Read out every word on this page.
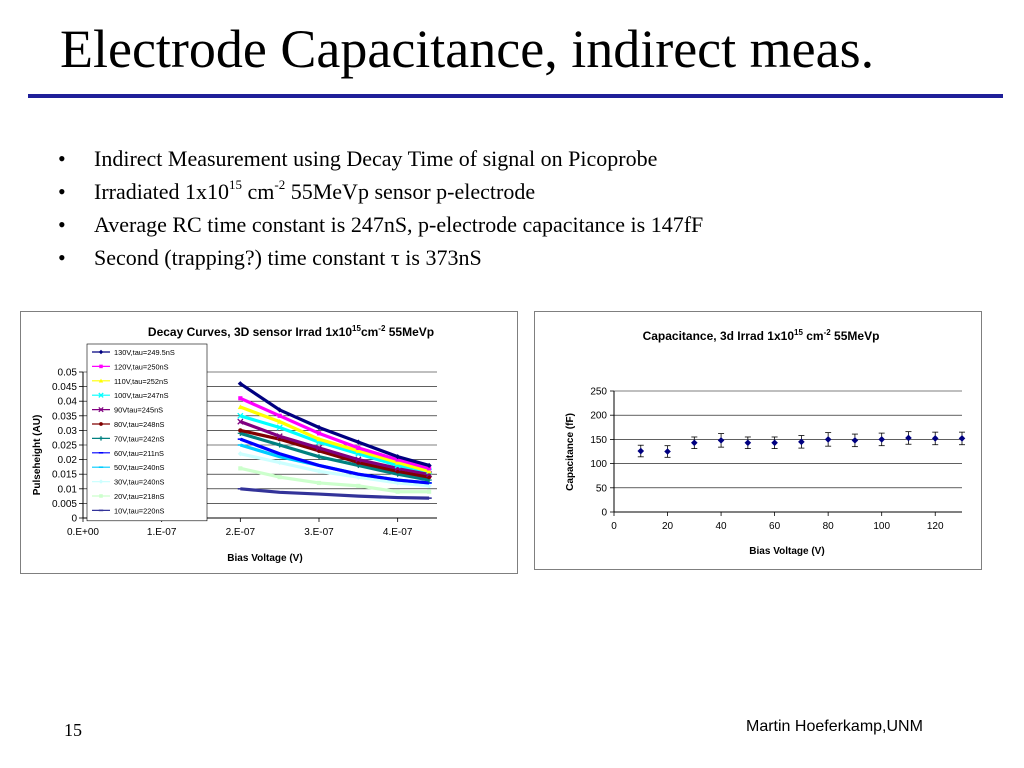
Electrode Capacitance, indirect meas.
• Indirect Measurement using Decay Time of signal on Picoprobe
• Irradiated $1x10^{15}$ $cm^{-2}$ 55MeVp sensor p-electrode
• Average RC time constant is 247nS, p-electrode capacitance is 147fF
• Second (trapping?) time constant τ is 373nS
Decay Curves, 3D sensor Irrad $1x10^{15}cm^{-2}$ 55MeVp
0
0.005
0.01
0.015
0.02
0.025
0.03
0.035
0.04
0.045
0.05
0.E+00	1.E-07	2.E-07	3.E-07	4.E-07
130V,tau=249.5nS
120V,tau=250nS
110V,tau=252nS
100V,tau=247nS
90Vtau=245nS
80V,tau=248nS
70V,tau=242nS
60V,tau=211nS
50V,tau=240nS
30V,tau=240nS
20V,tau=218nS
10V,tau=220nS
Bias Voltage (V)
Pulseheight (AU)
Capacitance, 3d Irrad $1x10^{15}$ $cm^{-2}$ 55MeVp
0
50
100
150
200
250
0	20	40	60	80	100	120
Bias Voltage (V)
Capacitance (fF)
15	Martin Hoeferkamp,UNM
